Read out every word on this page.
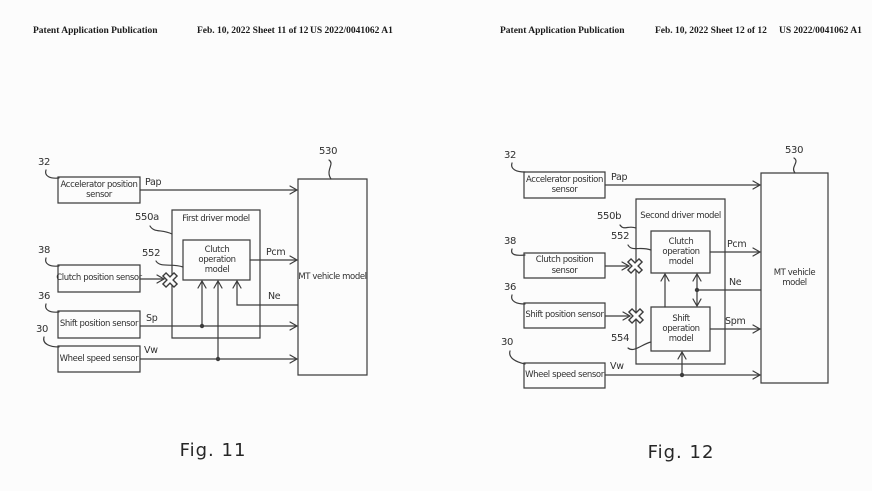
Patent Application Publication	Feb. 10, 2022 Sheet 11 of 12 US 2022/0041062 A1
32
38
36
30
550a
552
530
Accelerator position sensor
Clutch position sensor
Shift position sensor
Wheel speed sensor
First driver model
Clutch operation model
MT vehicle model
Pap
Pcm
Ne
Sp
Vw
Fig. 11
Patent Application Publication	Feb. 10, 2022 Sheet 12 of 12 US 2022/0041062 A1
32
38
36
30
550b
552
554
530
Accelerator position sensor
Clutch position sensor
Shift position sensor
Wheel speed sensor
Second driver model
Clutch operation model
Shift operation model
MT vehicle model
Pap
Pcm
Ne
Spm
Vw
Fig. 12
